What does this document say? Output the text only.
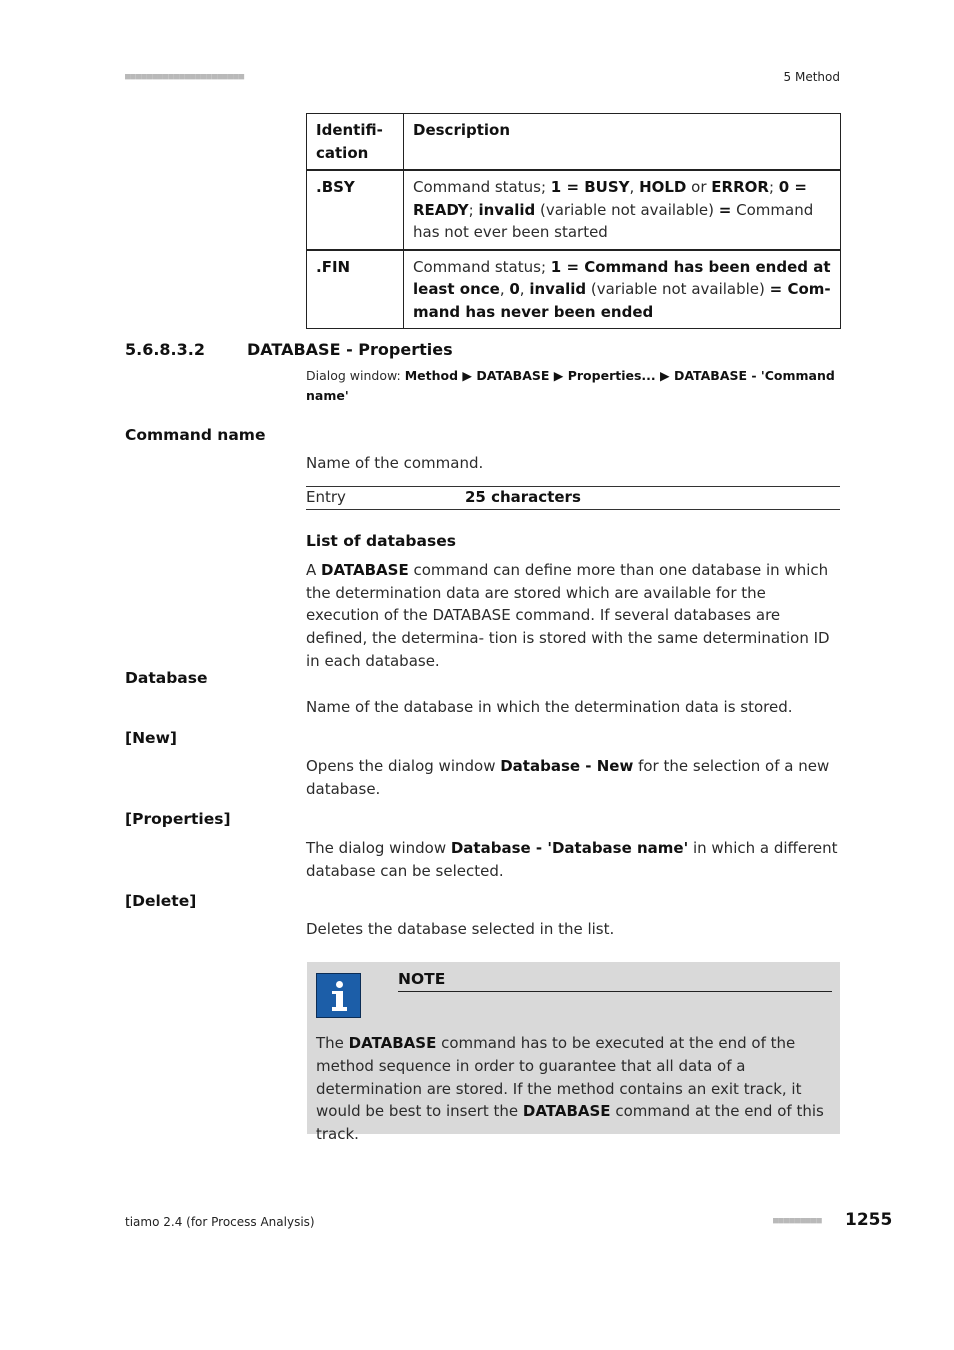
■■■■■■■■■■■■■■■■■■■■■■	5 Method
Identifi- cation	Description
.BSY	Command status; 1 = BUSY, HOLD or ERROR; 0 = READY; invalid (variable not available) = Command has not ever been started
.FIN	Command status; 1 = Command has been ended at least once, 0, invalid (variable not available) = Com- mand has never been ended
5.6.8.3.2	DATABASE - Properties
Dialog window: Method ▶ DATABASE ▶ Properties... ▶ DATABASE - 'Command name'
Command name
Name of the command.
Entry	25 characters
List of databases
A DATABASE command can define more than one database in which the determination data are stored which are available for the execution of the DATABASE command. If several databases are defined, the determina- tion is stored with the same determination ID in each database.
Database
Name of the database in which the determination data is stored.
[New]
Opens the dialog window Database - New for the selection of a new database.
[Properties]
The dialog window Database - 'Database name' in which a different database can be selected.
[Delete]
Deletes the database selected in the list.
NOTE
The DATABASE command has to be executed at the end of the method sequence in order to guarantee that all data of a determination are stored. If the method contains an exit track, it would be best to insert the DATABASE command at the end of this track.
tiamo 2.4 (for Process Analysis)	■■■■■■■■■ 1255
